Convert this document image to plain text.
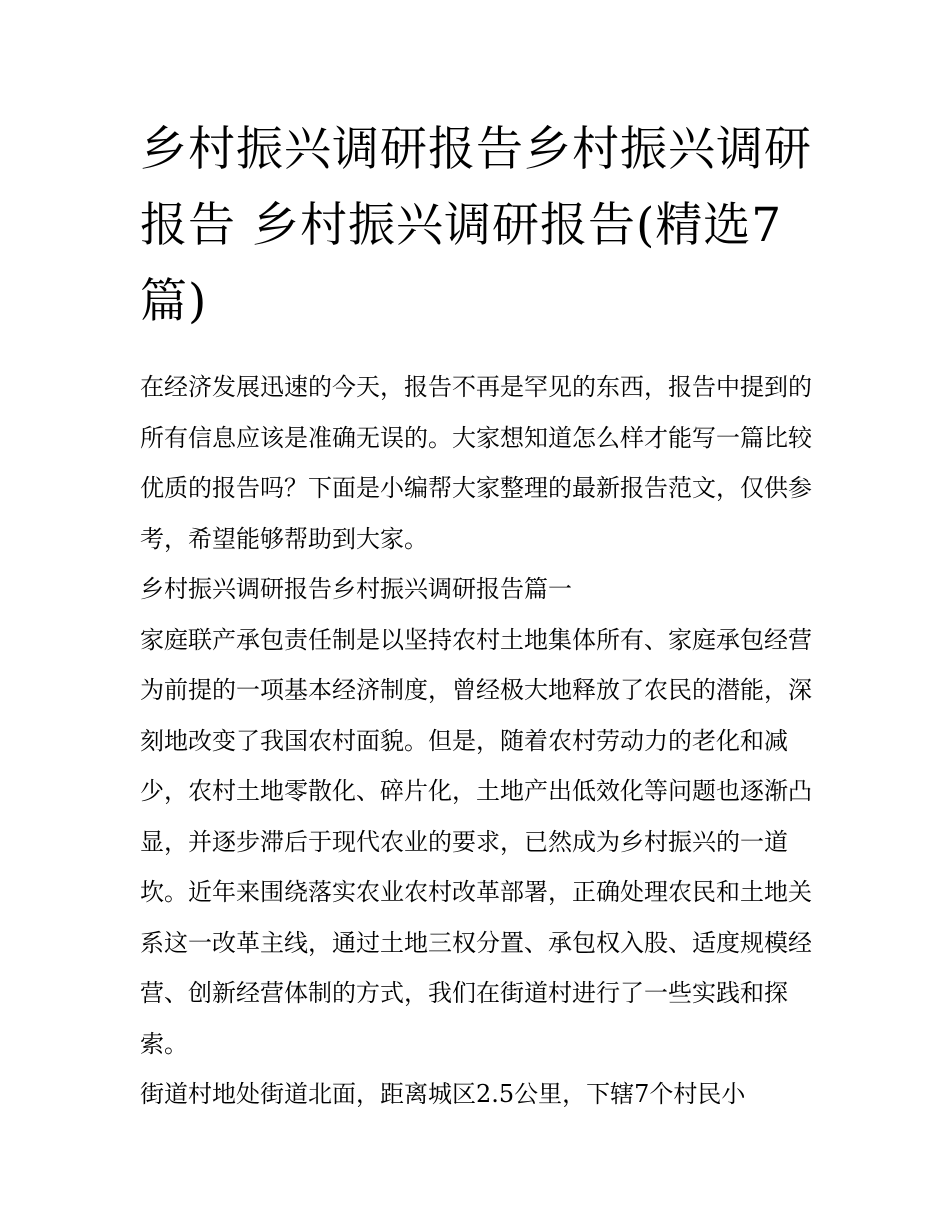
乡村振兴调研报告乡村振兴调研报告 乡村振兴调研报告(精选7篇)

在经济发展迅速的今天，报告不再是罕见的东西，报告中提到的所有信息应该是准确无误的。大家想知道怎么样才能写一篇比较优质的报告吗？下面是小编帮大家整理的最新报告范文，仅供参考，希望能够帮助到大家。

乡村振兴调研报告乡村振兴调研报告篇一

家庭联产承包责任制是以坚持农村土地集体所有、家庭承包经营为前提的一项基本经济制度，曾经极大地释放了农民的潜能，深刻地改变了我国农村面貌。但是，随着农村劳动力的老化和减少，农村土地零散化、碎片化，土地产出低效化等问题也逐渐凸显，并逐步滞后于现代农业的要求，已然成为乡村振兴的一道坎。近年来围绕落实农业农村改革部署，正确处理农民和土地关系这一改革主线，通过土地三权分置、承包权入股、适度规模经营、创新经营体制的方式，我们在街道村进行了一些实践和探索。

街道村地处街道北面，距离城区2.5公里，下辖7个村民小
